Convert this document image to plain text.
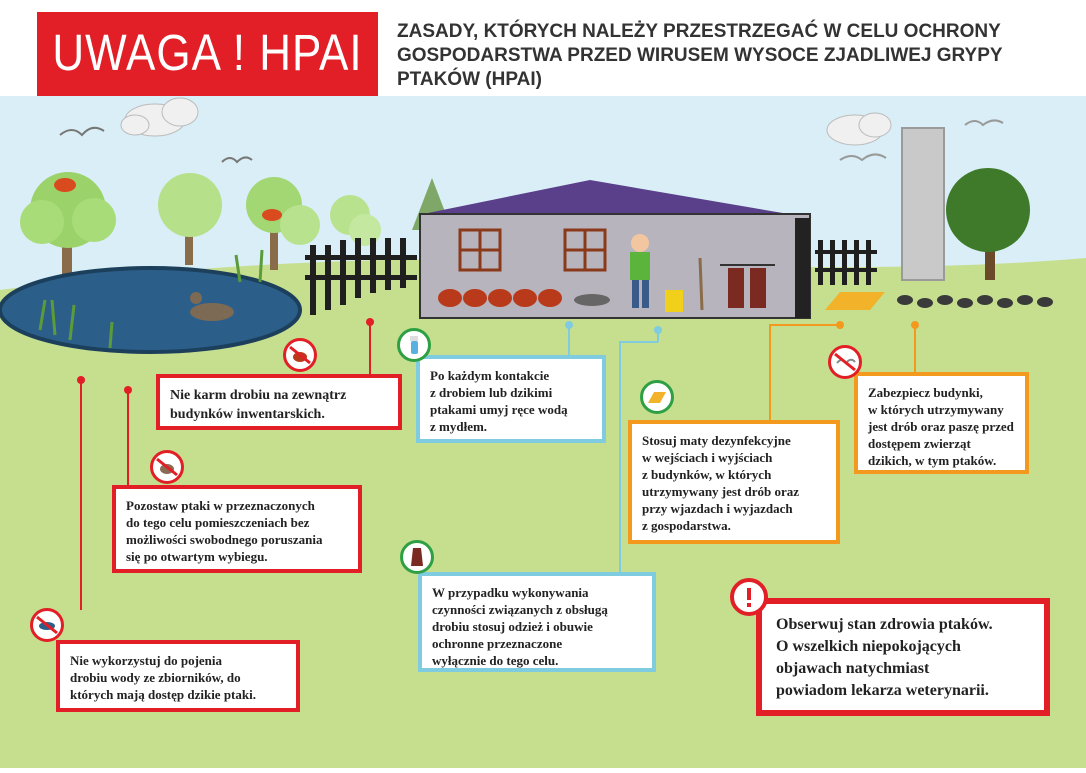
UWAGA ! HPAI ZASADY, KTÓRYCH NALEŻY PRZESTRZEGAĆ W CELU OCHRONY
GOSPODARSTWA PRZED WIRUSEM WYSOCE ZJADLIWEJ GRYPY
PTAKÓW (HPAI)

Nie karm drobiu na zewnątrz

budynków inwentarskich.

Po każdym kontakcie

z drobiem lub dzikimi

ptakami umyj ręce wodą

z mydłem.

Stosuj maty dezynfekcyjne

w wejściach i wyjściach

z budynków, w których

utrzymywany jest drób oraz

przy wjazdach i wyjazdach

z gospodarstwa.

Zabezpiecz budynki,

w których utrzymywany

jest drób oraz paszę przed

dostępem zwierząt

dzikich, w tym ptaków.

Pozostaw ptaki w przeznaczonych

do tego celu pomieszczeniach bez

możliwości swobodnego poruszania

się po otwartym wybiegu.

W przypadku wykonywania

czynności związanych z obsługą

drobiu stosuj odzież i obuwie

ochronne przeznaczone

wyłącznie do tego celu.

Nie wykorzystuj do pojenia

drobiu wody ze zbiorników, do

których mają dostęp dzikie ptaki.

Obserwuj stan zdrowia ptaków.

O wszelkich niepokojących

objawach natychmiast

powiadom lekarza weterynarii.
